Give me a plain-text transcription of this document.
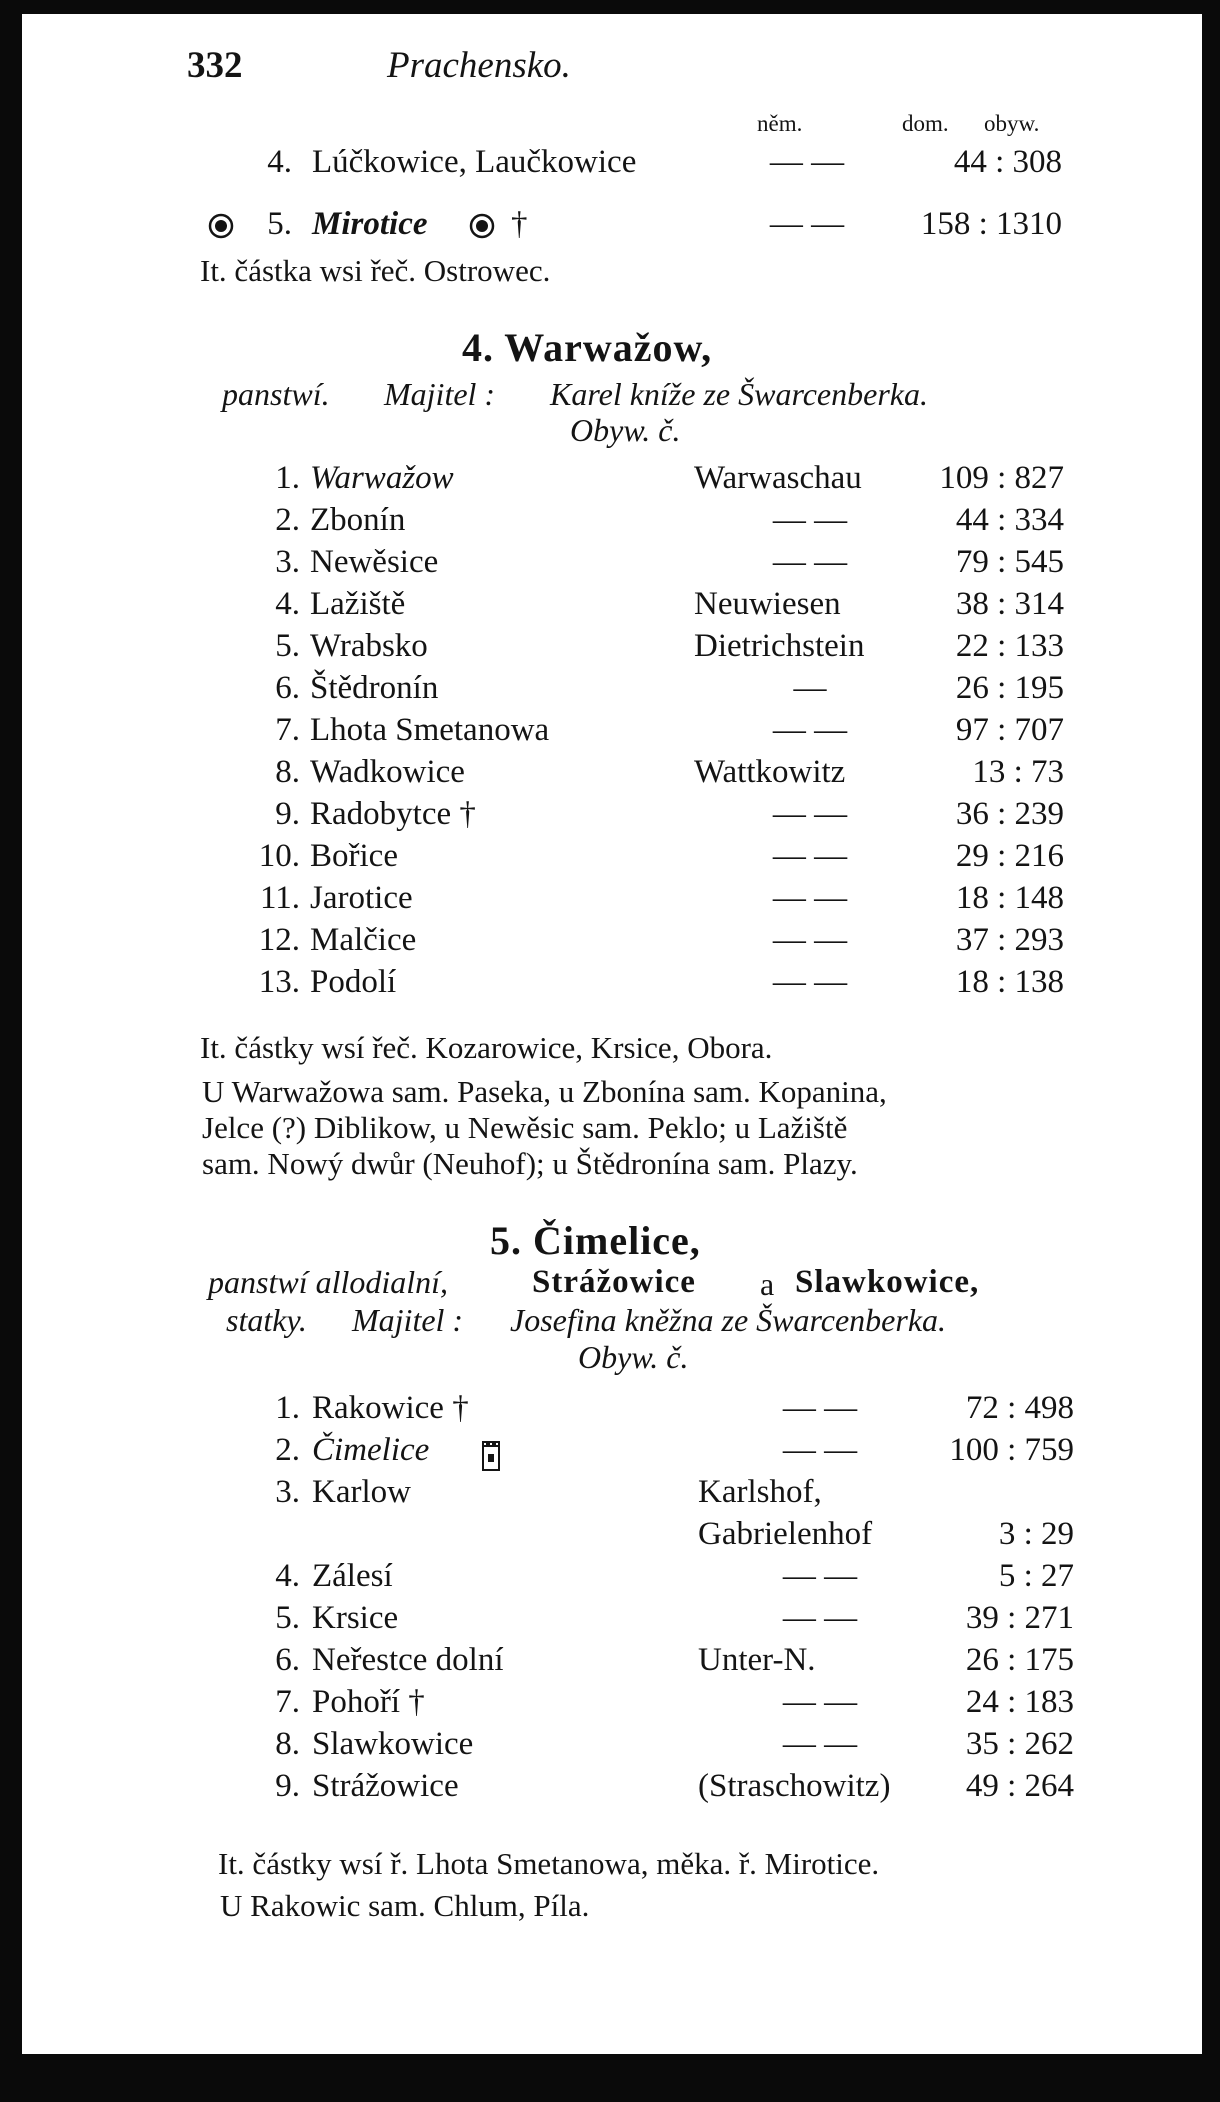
332	Prachensko.
něm.	dom. obyw.
4. Lúčkowice, Laučkowice	— —	44 : 308
5. Mirotice	†	— —	158 : 1310
It. částka wsi řeč. Ostrowec.
4. Warwažow,
panstwí. Majitel : Karel kníže ze Šwarcenberka.
Obyw. č.
1. Warwažow	Warwaschau	109 : 827
2. Zbonín	— —	44 : 334
3. Newěsice	— —	79 : 545
4. Lažiště	Neuwiesen	38 : 314
5. Wrabsko	Dietrichstein	22 : 133
6. Štědronín	—	26 : 195
7. Lhota Smetanowa	— —	97 : 707
8. Wadkowice	Wattkowitz	13 : 73
9. Radobytce †	— —	36 : 239
10. Bořice	— —	29 : 216
11. Jarotice	— —	18 : 148
12. Malčice	— —	37 : 293
13. Podolí	— —	18 : 138
It. částky wsí řeč. Kozarowice, Krsice, Obora.
U Warwažowa sam. Paseka, u Zbonína sam. Kopanina,
Jelce (?) Diblikow, u Newěsic sam. Peklo; u Lažiště
sam. Nowý dwůr (Neuhof); u Štědronína sam. Plazy.
5. Čimelice,
panstwí allodialní,	Strážowice a Slawkowice,
statky. Majitel : Josefina kněžna ze Šwarcenberka.
Obyw. č.
1. Rakowice †	— —	72 : 498
2. Čimelice	— —	100 : 759
3. Karlow	Karlshof,
Gabrielenhof	3 : 29
4. Zálesí	— —	5 : 27
5. Krsice	— —	39 : 271
6. Neřestce dolní	Unter-N.	26 : 175
7. Pohoří †	— —	24 : 183
8. Slawkowice	— —	35 : 262
9. Strážowice	(Straschowitz)	49 : 264
It. částky wsí ř. Lhota Smetanowa, měka. ř. Mirotice.
U Rakowic sam. Chlum, Píla.
